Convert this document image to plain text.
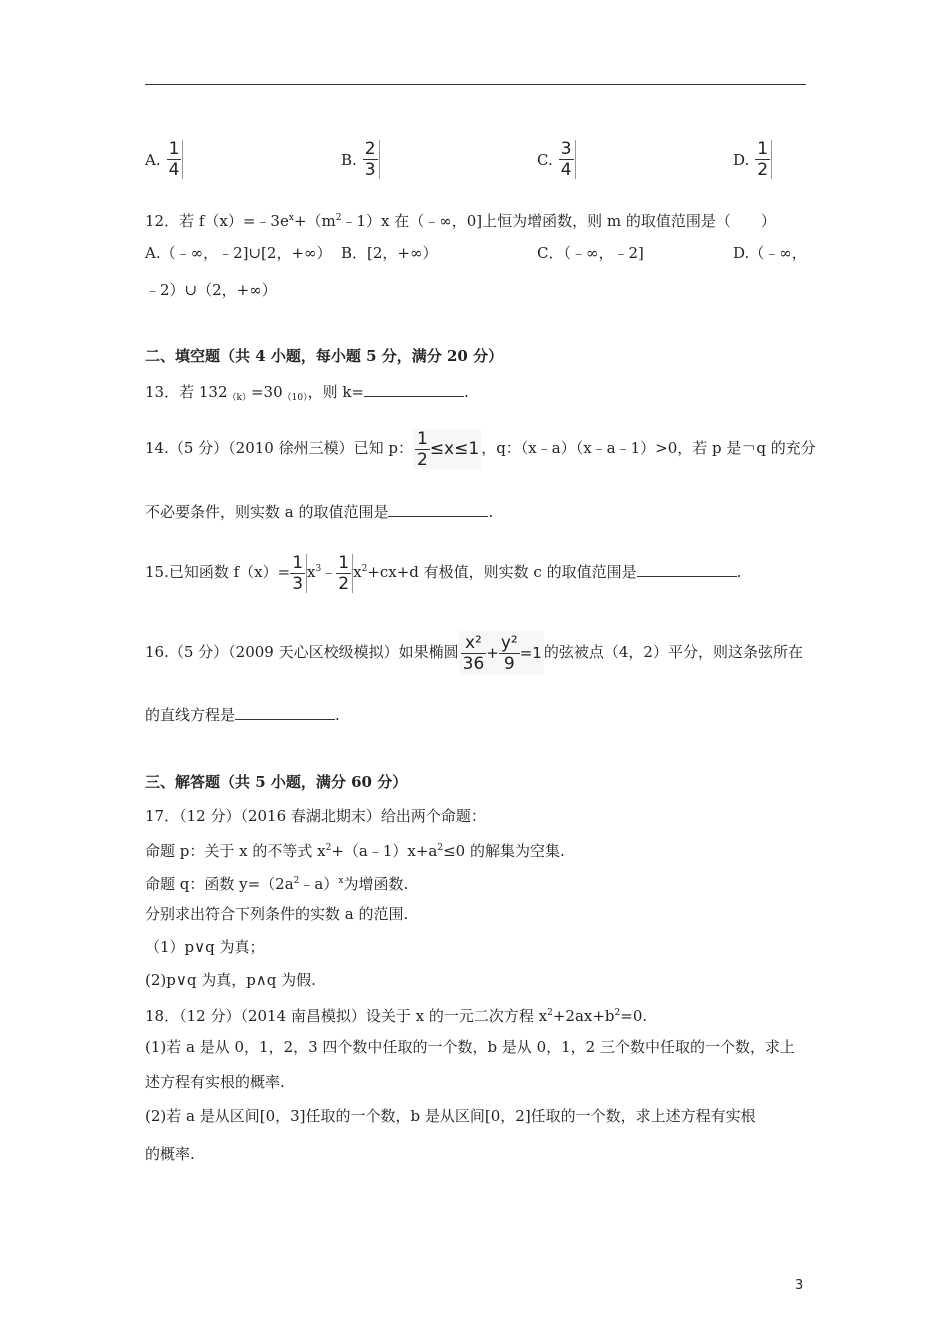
A. $\frac{1}{4}$	B. $\frac{2}{3}$	C. $\frac{3}{4}$	D. $\frac{1}{2}$
12．若 $f(x)=﹣3e^x+(m^2﹣1)x$ 在（﹣∞，0]上恒为增函数，则 m 的取值范围是（　　）
A.（﹣∞，﹣2]∪[2，+∞） B．[2，+∞）	C．（﹣∞，﹣2]	D.（﹣∞，
﹣2）∪（2，+∞）
二、填空题（共 4 小题，每小题 5 分，满分 20 分）
13．若 $132_{(k)}=30_{(10)}$，则 k=	.
14.（5 分）（2010 徐州三模）已知 p： $\frac{1}{2} \le x\le 1$ ，q：（x﹣a）（x﹣a﹣1）>0，若 p 是￢q 的充分
不必要条件，则实数 a 的取值范围是	.
15.已知函数 $f(x)= \frac{1}{3}$ $x^3﹣ \frac{1}{2} x^2+cx+d$ 有极值，则实数 c 的取值范围是	.
16.（5 分）（2009 天心区校级模拟）如果椭圆 $\frac{\text{x²}}{36} + \frac{\text{y²}}{9} =1$ 的弦被点（4，2）平分，则这条弦所在
的直线方程是	.
三、解答题（共 5 小题，满分 60 分）
17．（12 分）（2016 春湖北期末）给出两个命题：
命题 p：关于 x 的不等式 $x^2+(a﹣1)x+a^2\le 0$ 的解集为空集.
命题 q：函数 $y=(2a^2﹣a)^x$为增函数.
分别求出符合下列条件的实数 a 的范围.
（1）p∨q 为真；
(2)p∨q 为真，p∧q 为假.
18．（12 分）（2014 南昌模拟）设关于 x 的一元二次方程 $x^2+2ax+b^2=0$.
(1)若 a 是从 0，1，2，3 四个数中任取的一个数，b 是从 0，1，2 三个数中任取的一个数，求上
述方程有实根的概率.
(2)若 a 是从区间[0，3]任取的一个数，b 是从区间[0，2]任取的一个数，求上述方程有实根
的概率.
3
